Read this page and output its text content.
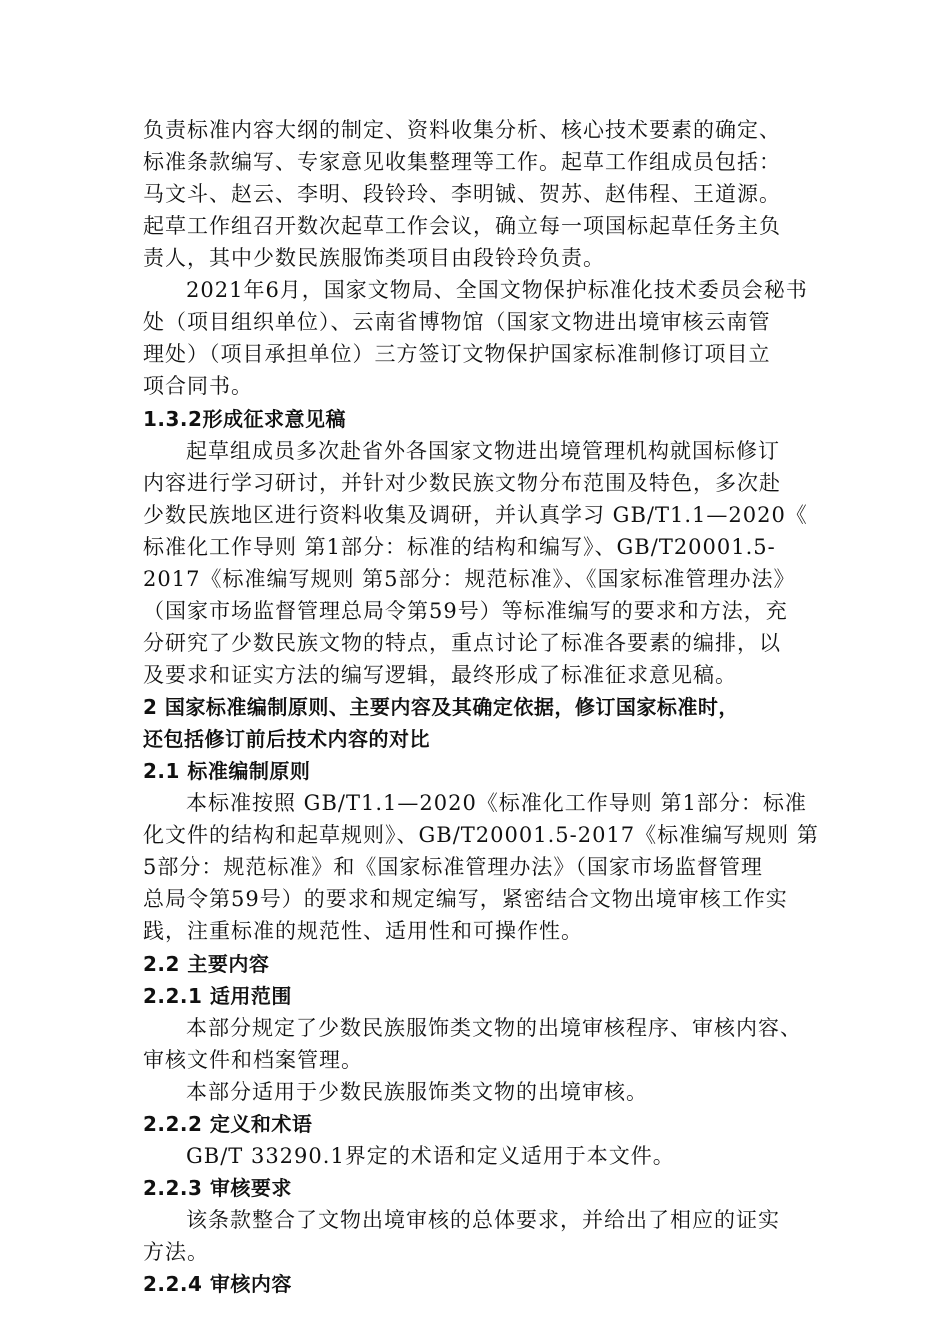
负责标准内容大纲的制定、资料收集分析、核心技术要素的确定、
标准条款编写、专家意见收集整理等工作。起草工作组成员包括：
马文斗、赵云、李明、段铃玲、李明铖、贺苏、赵伟程、王道源。
起草工作组召开数次起草工作会议，确立每一项国标起草任务主负
责人，其中少数民族服饰类项目由段铃玲负责。
2021年6月，国家文物局、全国文物保护标准化技术委员会秘书
处（项目组织单位）、云南省博物馆（国家文物进出境审核云南管
理处）（项目承担单位）三方签订文物保护国家标准制修订项目立
项合同书。
1.3.2形成征求意见稿
起草组成员多次赴省外各国家文物进出境管理机构就国标修订
内容进行学习研讨，并针对少数民族文物分布范围及特色，多次赴
少数民族地区进行资料收集及调研，并认真学习 GB/T1.1—2020《
标准化工作导则 第1部分：标准的结构和编写》、GB/T20001.5-
2017《标准编写规则 第5部分：规范标准》、《国家标准管理办法》
（国家市场监督管理总局令第59号）等标准编写的要求和方法，充
分研究了少数民族文物的特点，重点讨论了标准各要素的编排，以
及要求和证实方法的编写逻辑，最终形成了标准征求意见稿。
2 国家标准编制原则、主要内容及其确定依据，修订国家标准时，
还包括修订前后技术内容的对比
2.1 标准编制原则
本标准按照 GB/T1.1—2020《标准化工作导则 第1部分：标准
化文件的结构和起草规则》、GB/T20001.5-2017《标准编写规则 第
5部分：规范标准》和《国家标准管理办法》（国家市场监督管理
总局令第59号）的要求和规定编写，紧密结合文物出境审核工作实
践，注重标准的规范性、适用性和可操作性。
2.2 主要内容
2.2.1 适用范围
本部分规定了少数民族服饰类文物的出境审核程序、审核内容、
审核文件和档案管理。
本部分适用于少数民族服饰类文物的出境审核。
2.2.2 定义和术语
GB/T 33290.1界定的术语和定义适用于本文件。
2.2.3 审核要求
该条款整合了文物出境审核的总体要求，并给出了相应的证实
方法。
2.2.4 审核内容
